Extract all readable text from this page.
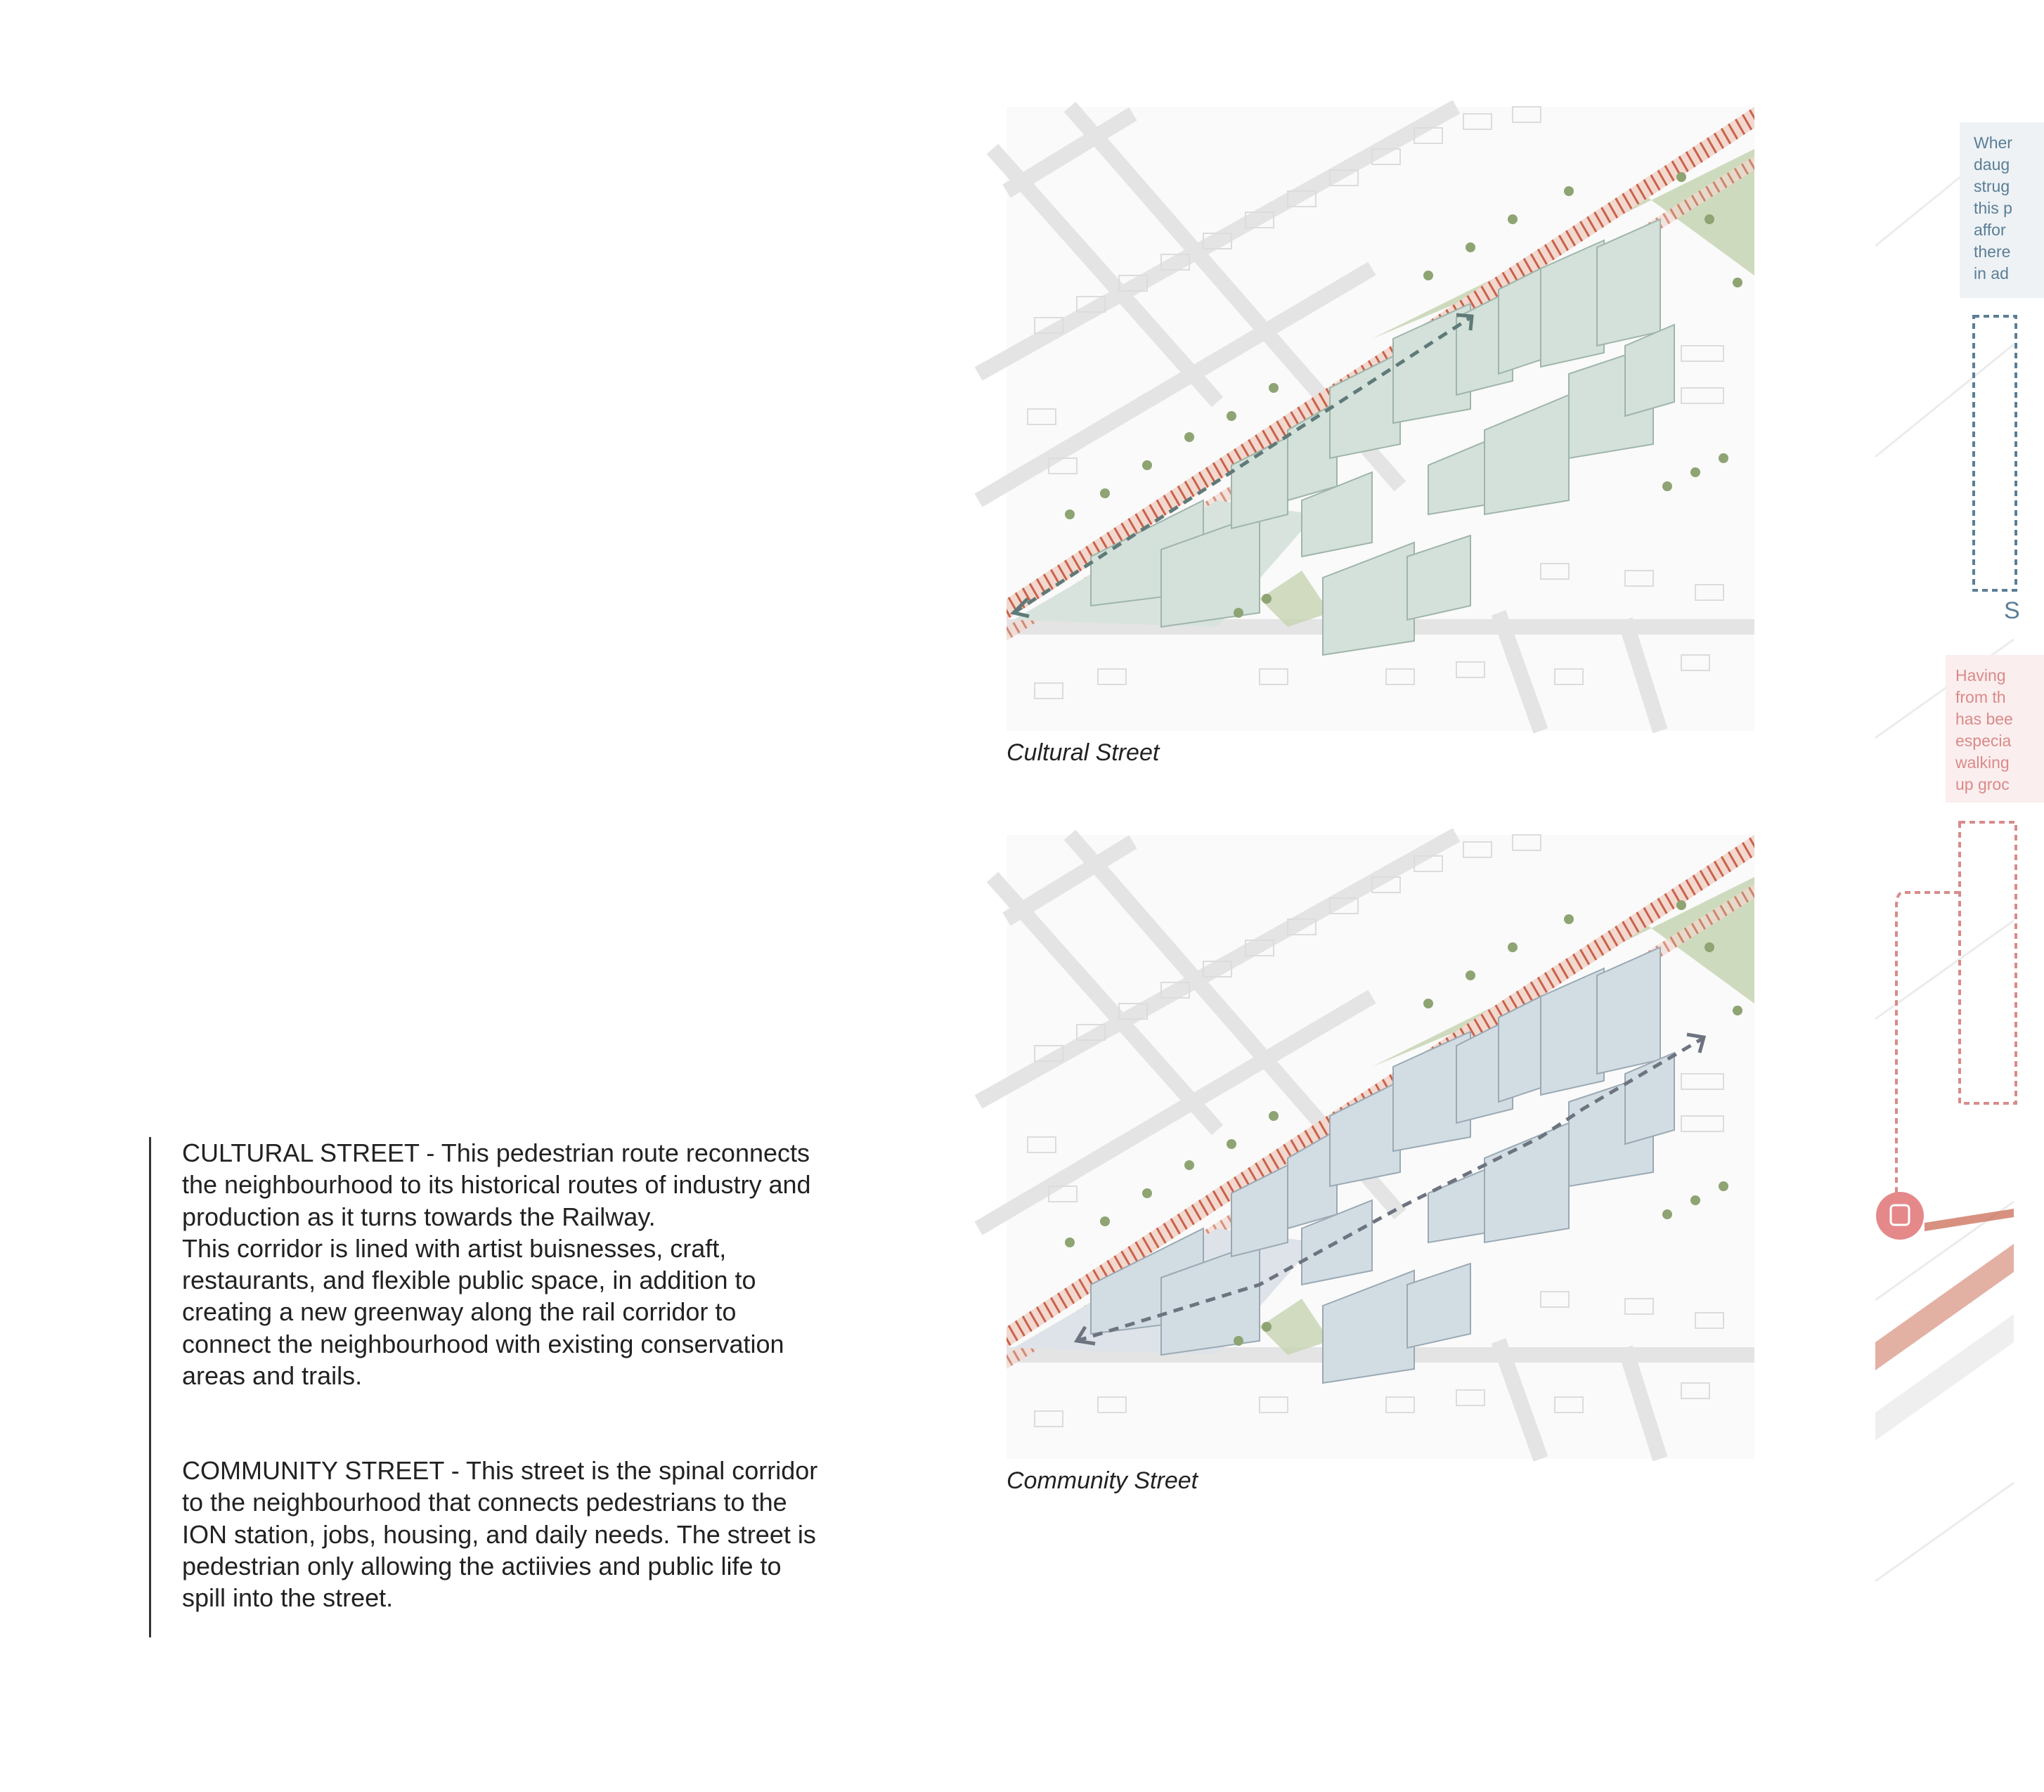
CULTURAL STREET - This pedestrian route reconnects the neighbourhood to its historical routes of industry and production as it turns towards the Railway.
This corridor is lined with artist buisnesses, craft, restaurants, and flexible public space, in addition to creating a new greenway along the rail corridor to connect the neighbourhood with existing conservation areas and trails.
COMMUNITY STREET - This street is the spinal corridor to the neighbourhood that connects pedestrians to the ION station, jobs, housing, and daily needs. The street is pedestrian only allowing the actiivies and public life to spill into the street.
Cultural Street
Community Street
Wher
daug
strug
this p
affor
there
in ad
S
Having
from th
has bee
especia
walking
up groc
